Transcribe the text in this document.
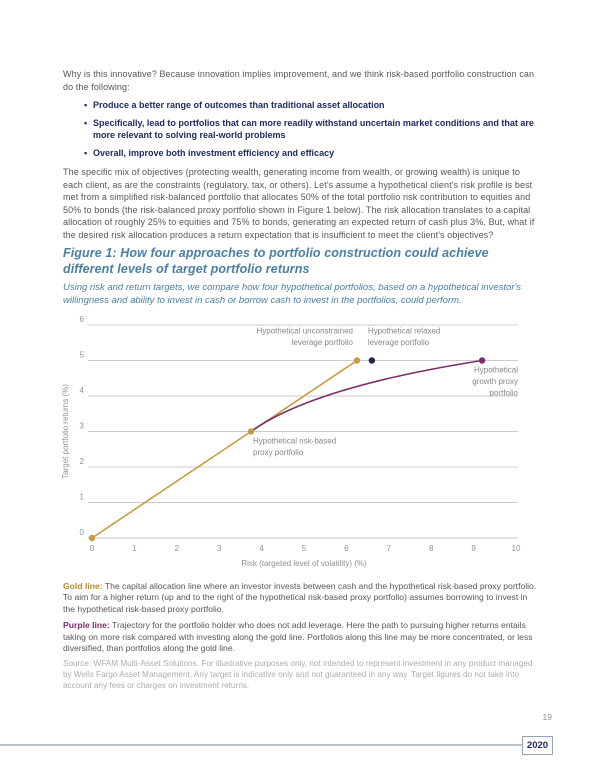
Why is this innovative? Because innovation implies improvement, and we think risk-based portfolio construction can do the following:

• Produce a better range of outcomes than traditional asset allocation
• Specifically, lead to portfolios that can more readily withstand uncertain market conditions and that are more relevant to solving real-world problems
• Overall, improve both investment efficiency and efficacy

The specific mix of objectives (protecting wealth, generating income from wealth, or growing wealth) is unique to each client, as are the constraints (regulatory, tax, or others). Let's assume a hypothetical client's risk profile is best met from a simplified risk-balanced portfolio that allocates 50% of the total portfolio risk contribution to equities and 50% to bonds (the risk-balanced proxy portfolio shown in Figure 1 below). The risk allocation translates to a capital allocation of roughly 25% to equities and 75% to bonds, generating an expected return of cash plus 3%. But, what if the desired risk allocation produces a return expectation that is insufficient to meet the client's objectives?

Figure 1: How four approaches to portfolio construction could achieve different levels of target portfolio returns

Using risk and return targets, we compare how four hypothetical portfolios, based on a hypothetical investor's willingness and ability to invest in cash or borrow cash to invest in the portfolios, could perform.

0
1
2
3
4
5
6
0	1	2	3	4	5	6	7	8	9	10
Risk (targeted level of volatility) (%)
Target portfolio returns (%)
Hypothetical unconstrained
leverage portfolio
Hypothetical relaxed
leverage portfolio
Hypothetical
growth proxy
portfolio
Hypothetical risk-based
proxy portfolio

Gold line: The capital allocation line where an investor invests between cash and the hypothetical risk-based proxy portfolio. To aim for a higher return (up and to the right of the hypothetical risk-based proxy portfolio) assumes borrowing to invest in the hypothetical risk-based proxy portfolio.

Purple line: Trajectory for the portfolio holder who does not add leverage. Here the path to pursuing higher returns entails taking on more risk compared with investing along the gold line. Portfolios along this line may be more concentrated, or less diversified, than portfolios along the gold line.

Source: WFAM Multi-Asset Solutions. For illustrative purposes only, not intended to represent investment in any product managed by Wells Fargo Asset Management. Any target is indicative only and not guaranteed in any way. Target figures do not take into account any fees or charges on investment returns.

19
2020
